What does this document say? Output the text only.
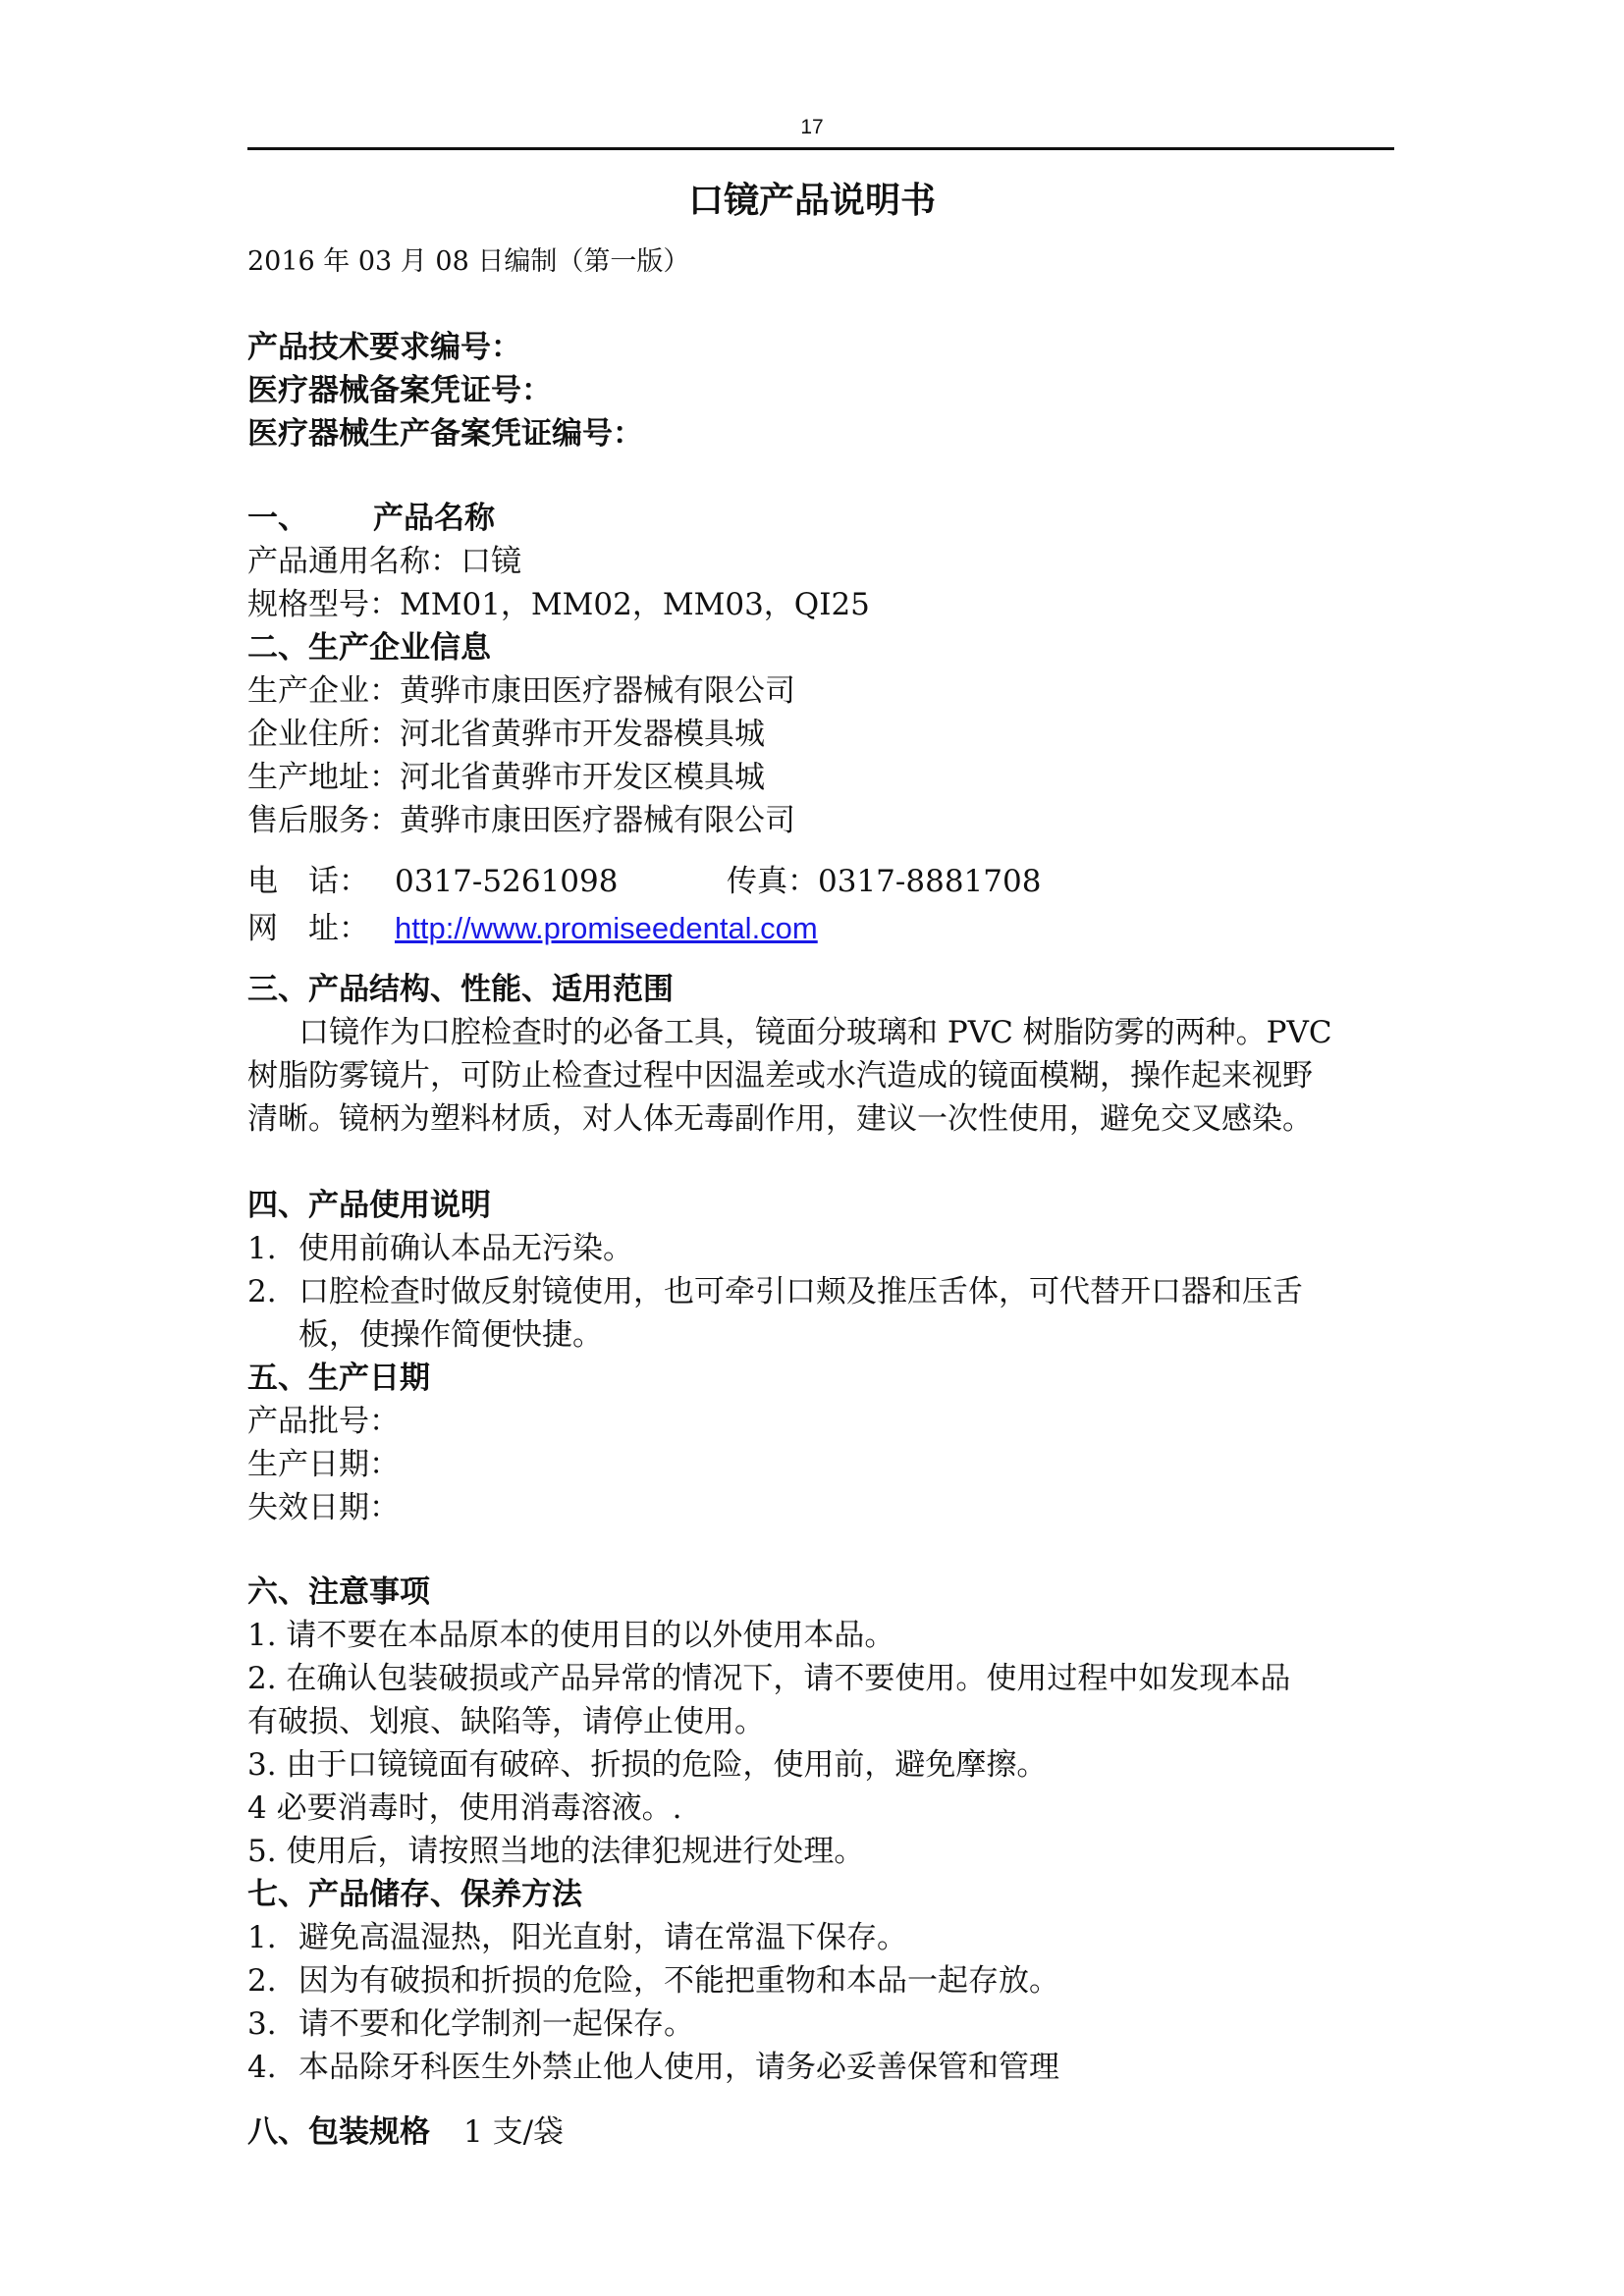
17
口镜产品说明书
2016 年 03 月 08 日编制（第一版）
产品技术要求编号：
医疗器械备案凭证号：
医疗器械生产备案凭证编号：
一、 产品名称
产品通用名称：口镜
规格型号：MM01，MM02，MM03，QI25
二、生产企业信息
生产企业：黄骅市康田医疗器械有限公司
企业住所：河北省黄骅市开发器模具城
生产地址：河北省黄骅市开发区模具城
售后服务：黄骅市康田医疗器械有限公司
电　话： 0317-5261098	传真：0317-8881708
网　址： http://www.promiseedental.com
三、产品结构、性能、适用范围
口镜作为口腔检查时的必备工具，镜面分玻璃和 PVC 树脂防雾的两种。PVC
树脂防雾镜片，可防止检查过程中因温差或水汽造成的镜面模糊，操作起来视野
清晰。镜柄为塑料材质，对人体无毒副作用，建议一次性使用，避免交叉感染。
四、产品使用说明
1. 使用前确认本品无污染。
2. 口腔检查时做反射镜使用，也可牵引口颊及推压舌体，可代替开口器和压舌
板，使操作简便快捷。
五、生产日期
产品批号：
生产日期：
失效日期：
六、注意事项
1. 请不要在本品原本的使用目的以外使用本品。
2. 在确认包装破损或产品异常的情况下，请不要使用。使用过程中如发现本品
有破损、划痕、缺陷等，请停止使用。
3. 由于口镜镜面有破碎、折损的危险，使用前，避免摩擦。
4 必要消毒时，使用消毒溶液。.
5. 使用后，请按照当地的法律犯规进行处理。
七、产品储存、保养方法
1. 避免高温湿热，阳光直射，请在常温下保存。
2. 因为有破损和折损的危险，不能把重物和本品一起存放。
3. 请不要和化学制剂一起保存。
4. 本品除牙科医生外禁止他人使用，请务必妥善保管和管理
八、包装规格 1 支/袋
